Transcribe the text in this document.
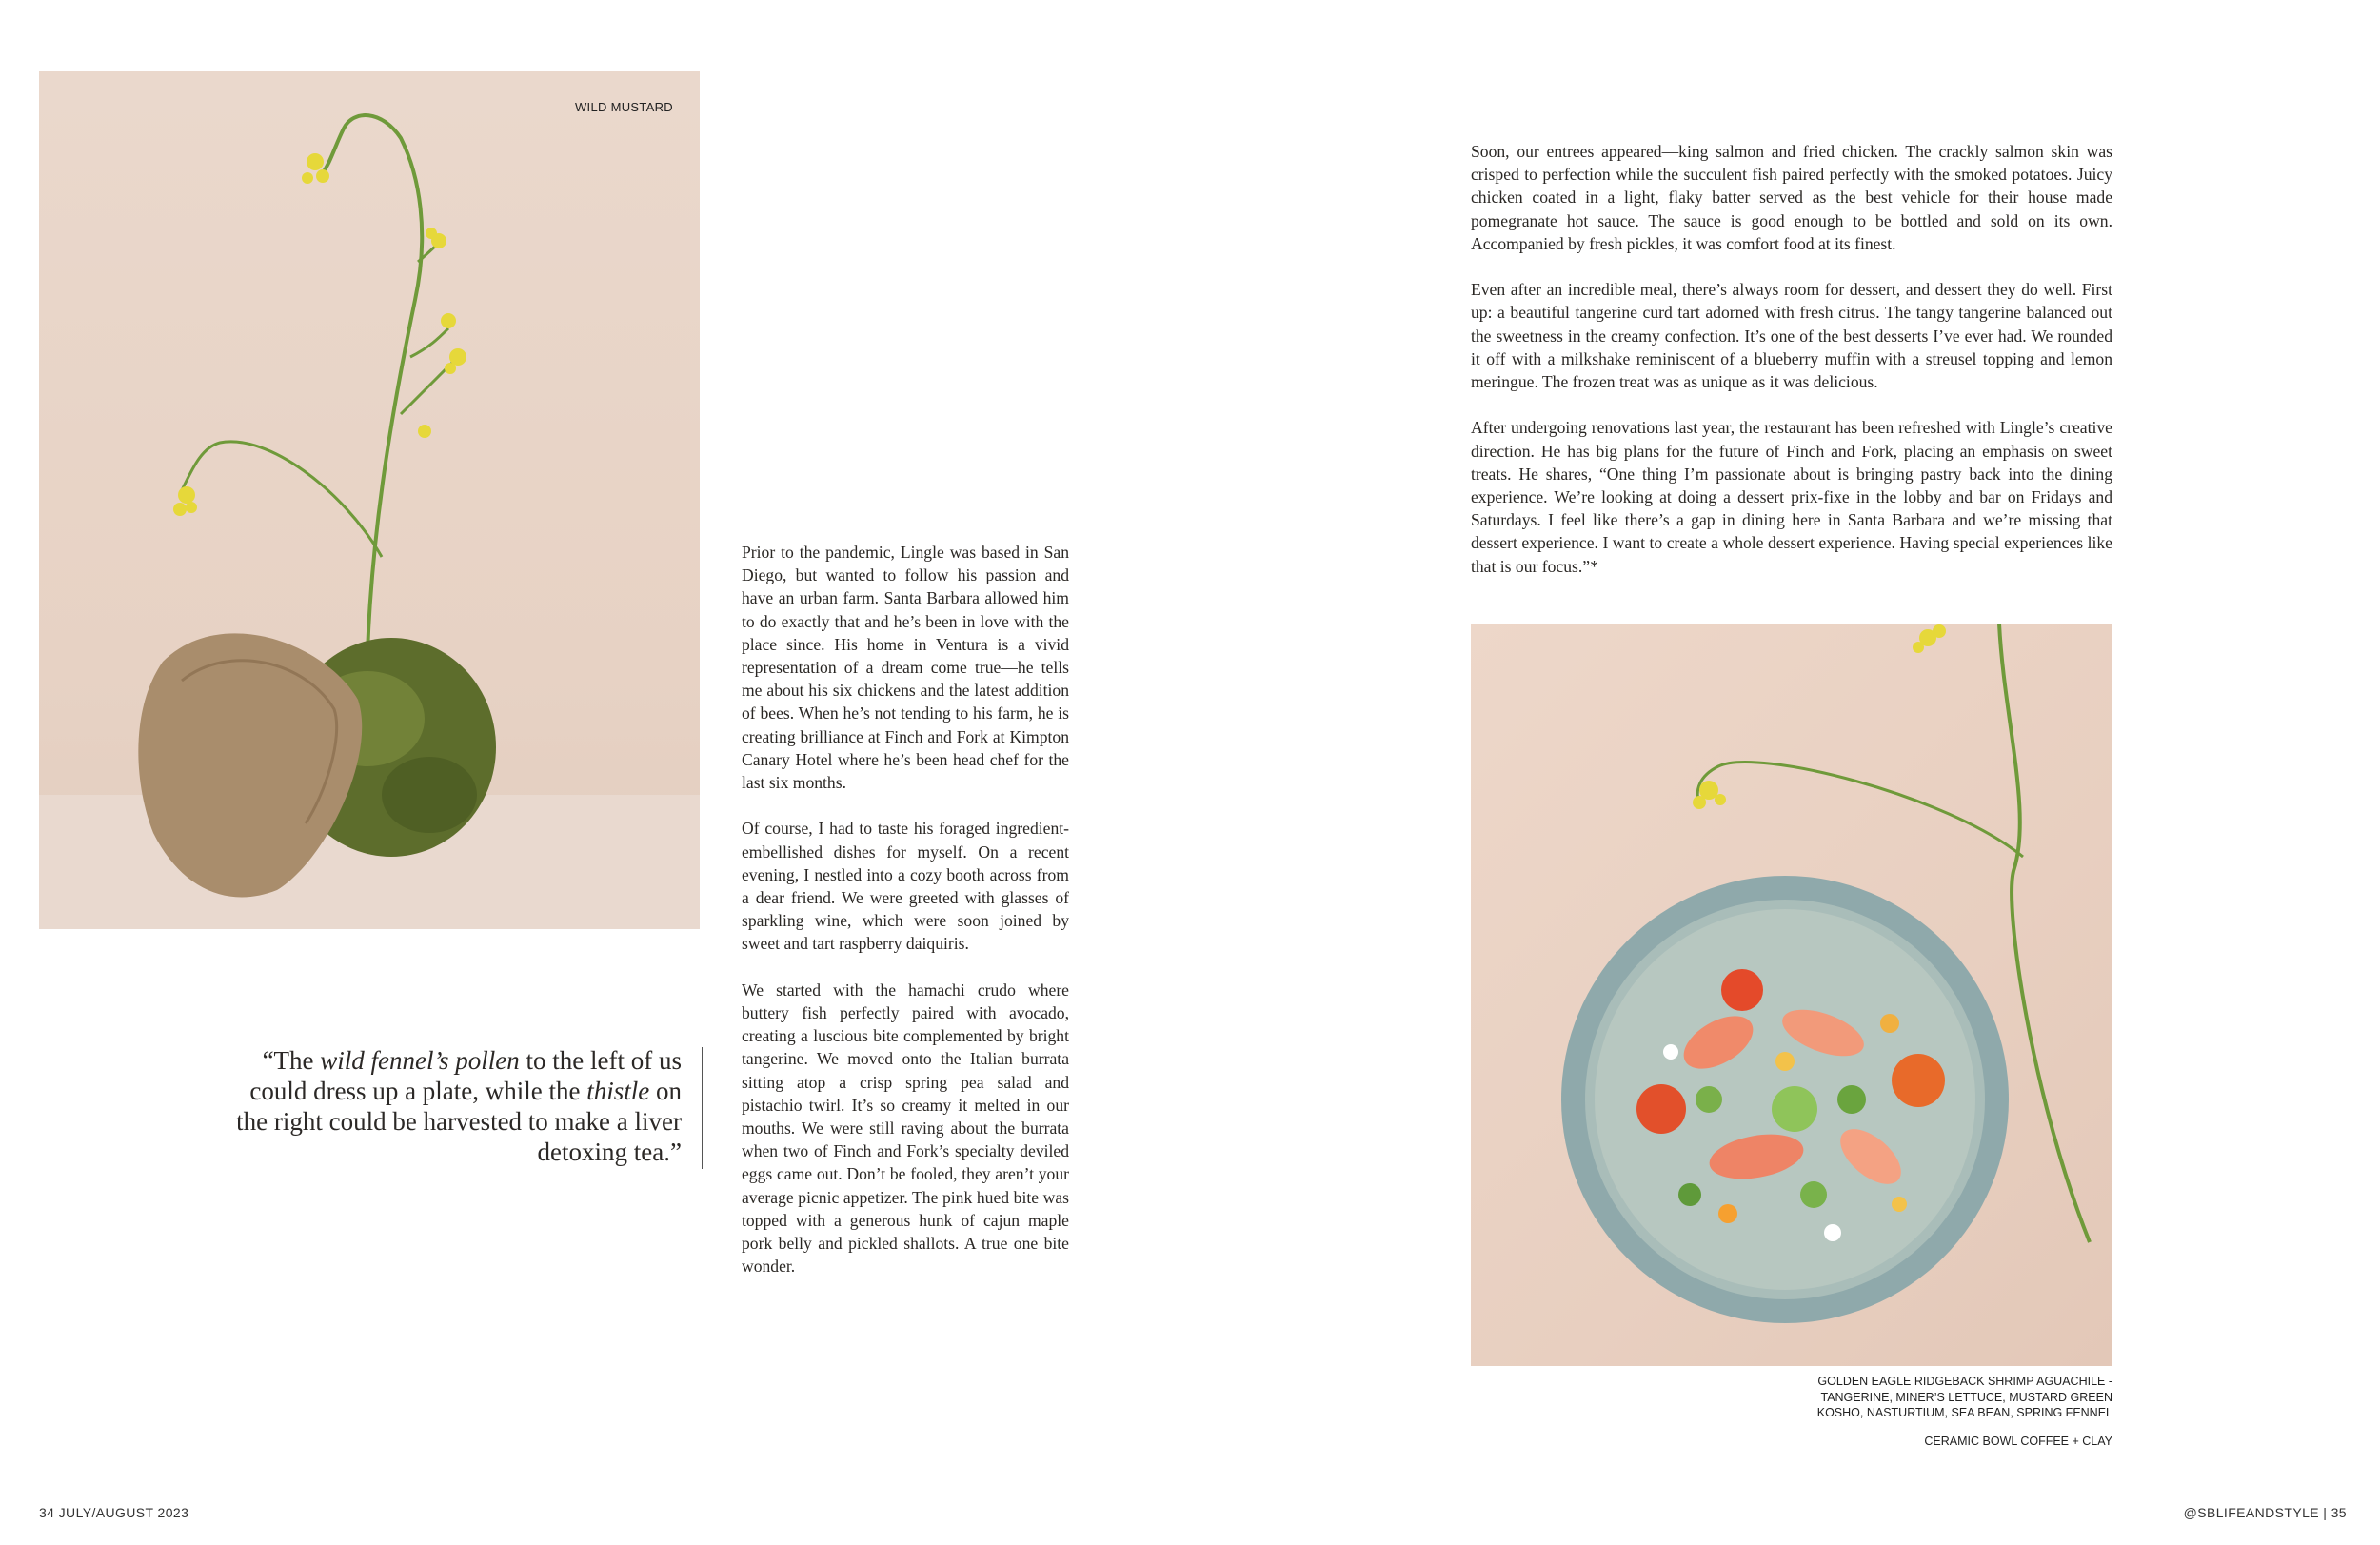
WILD MUSTARD
“The wild fennel’s pollen to the left of us could dress up a plate, while the thistle on the right could be harvested to make a liver detoxing tea.”

Prior to the pandemic, Lingle was based in San Diego, but wanted to follow his passion and have an urban farm. Santa Barbara allowed him to do exactly that and he’s been in love with the place since. His home in Ventura is a vivid representation of a dream come true—he tells me about his six chickens and the latest addition of bees. When he’s not tending to his farm, he is creating brilliance at Finch and Fork at Kimpton Canary Hotel where he’s been head chef for the last six months.

Of course, I had to taste his foraged ingredient-embellished dishes for myself. On a recent evening, I nestled into a cozy booth across from a dear friend. We were greeted with glasses of sparkling wine, which were soon joined by sweet and tart raspberry daiquiris.

We started with the hamachi crudo where buttery fish perfectly paired with avocado, creating a luscious bite complemented by bright tangerine. We moved onto the Italian burrata sitting atop a crisp spring pea salad and pistachio twirl. It’s so creamy it melted in our mouths. We were still raving about the burrata when two of Finch and Fork’s specialty deviled eggs came out. Don’t be fooled, they aren’t your average picnic appetizer. The pink hued bite was topped with a generous hunk of cajun maple pork belly and pickled shallots. A true one bite wonder.

34 JULY/AUGUST 2023

Soon, our entrees appeared—king salmon and fried chicken. The crackly salmon skin was crisped to perfection while the succulent fish paired perfectly with the smoked potatoes. Juicy chicken coated in a light, flaky batter served as the best vehicle for their house made pomegranate hot sauce. The sauce is good enough to be bottled and sold on its own. Accompanied by fresh pickles, it was comfort food at its finest.

Even after an incredible meal, there’s always room for dessert, and dessert they do well. First up: a beautiful tangerine curd tart adorned with fresh citrus. The tangy tangerine balanced out the sweetness in the creamy confection. It’s one of the best desserts I’ve ever had. We rounded it off with a milkshake reminiscent of a blueberry muffin with a streusel topping and lemon meringue. The frozen treat was as unique as it was delicious.

After undergoing renovations last year, the restaurant has been refreshed with Lingle’s creative direction. He has big plans for the future of Finch and Fork, placing an emphasis on sweet treats. He shares, “One thing I’m passionate about is bringing pastry back into the dining experience. We’re looking at doing a dessert prix-fixe in the lobby and bar on Fridays and Saturdays. I feel like there’s a gap in dining here in Santa Barbara and we’re missing that dessert experience. I want to create a whole dessert experience. Having special experiences like that is our focus.”*

GOLDEN EAGLE RIDGEBACK SHRIMP AGUACHILE -
TANGERINE, MINER’S LETTUCE, MUSTARD GREEN
KOSHO, NASTURTIUM, SEA BEAN, SPRING FENNEL
CERAMIC BOWL COFFEE + CLAY
@SBLIFEANDSTYLE | 35
